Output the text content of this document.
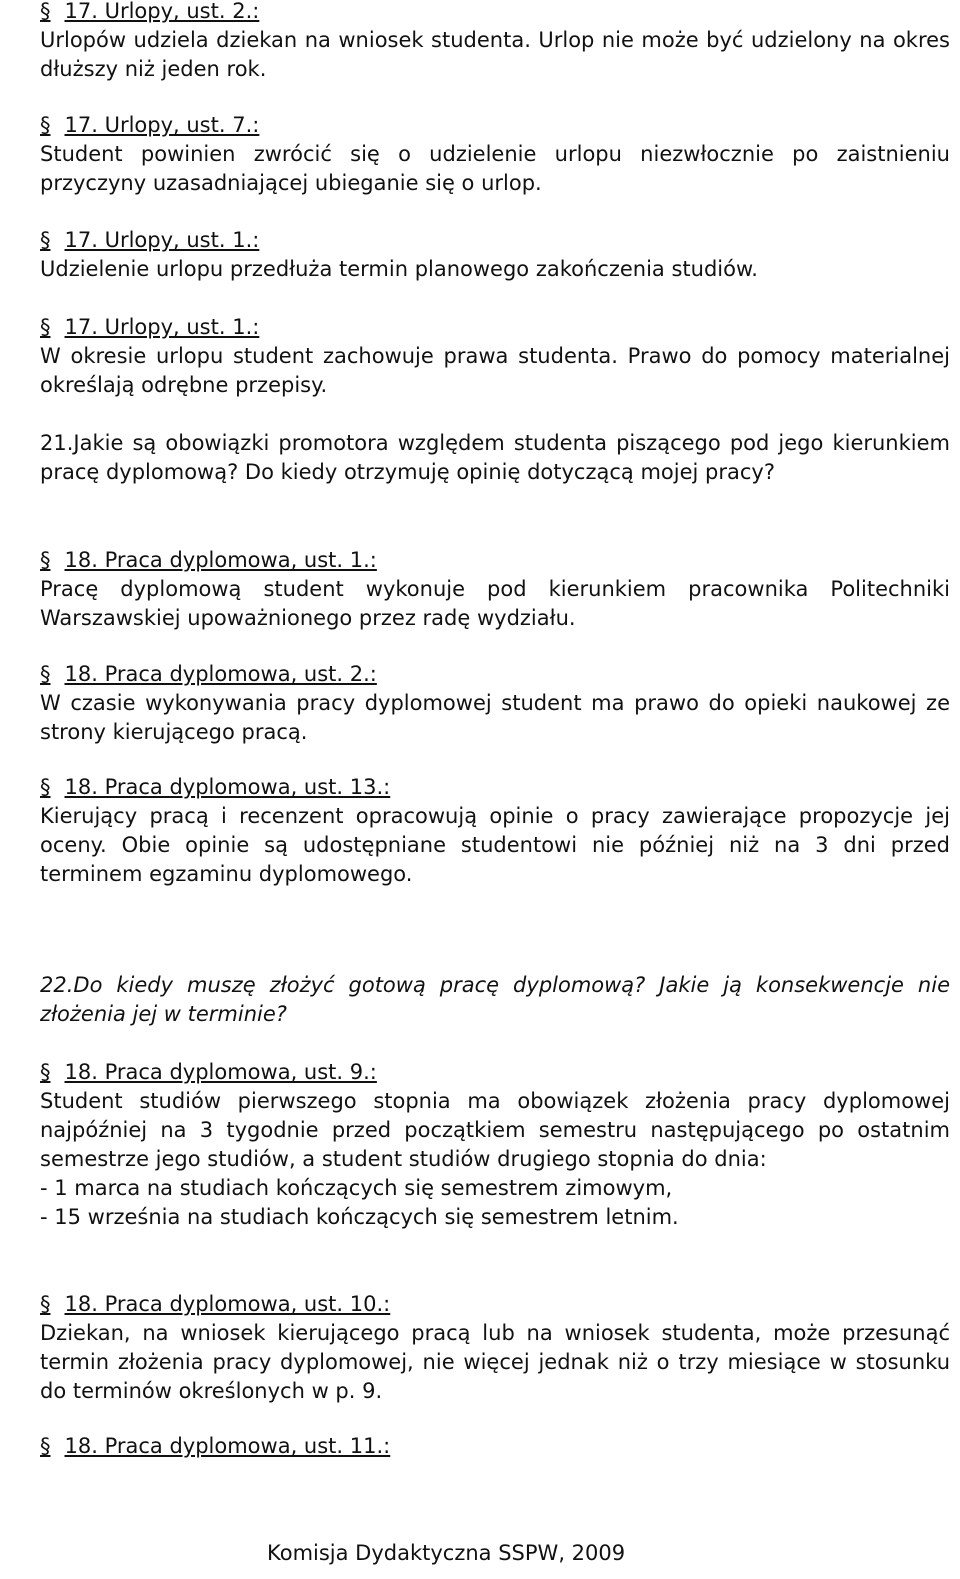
§ 17. Urlopy, ust. 2.:
Urlopów udziela dziekan na wniosek studenta. Urlop nie może być udzielony na okres dłuższy niż jeden rok.
§ 17. Urlopy, ust. 7.:
Student powinien zwrócić się o udzielenie urlopu niezwłocznie po zaistnieniu przyczyny uzasadniającej ubieganie się o urlop.
§ 17. Urlopy, ust. 1.:
Udzielenie urlopu przedłuża termin planowego zakończenia studiów.
§ 17. Urlopy, ust. 1.:
W okresie urlopu student zachowuje prawa studenta. Prawo do pomocy materialnej określają odrębne przepisy.
21.Jakie są obowiązki promotora względem studenta piszącego pod jego kierunkiem pracę dyplomową? Do kiedy otrzymuję opinię dotyczącą mojej pracy?
§ 18. Praca dyplomowa, ust. 1.:
Pracę dyplomową student wykonuje pod kierunkiem pracownika Politechniki Warszawskiej upoważnionego przez radę wydziału.
§ 18. Praca dyplomowa, ust. 2.:
W czasie wykonywania pracy dyplomowej student ma prawo do opieki naukowej ze strony kierującego pracą.
§ 18. Praca dyplomowa, ust. 13.:
Kierujący pracą i recenzent opracowują opinie o pracy zawierające propozycje jej oceny. Obie opinie są udostępniane studentowi nie później niż na 3 dni przed terminem egzaminu dyplomowego.
22.Do kiedy muszę złożyć gotową pracę dyplomową? Jakie ją konsekwencje nie złożenia jej w terminie?
§ 18. Praca dyplomowa, ust. 9.:
Student studiów pierwszego stopnia ma obowiązek złożenia pracy dyplomowej najpóźniej na 3 tygodnie przed początkiem semestru następującego po ostatnim semestrze jego studiów, a student studiów drugiego stopnia do dnia:
- 1 marca na studiach kończących się semestrem zimowym,
- 15 września na studiach kończących się semestrem letnim.
§ 18. Praca dyplomowa, ust. 10.:
Dziekan, na wniosek kierującego pracą lub na wniosek studenta, może przesunąć termin złożenia pracy dyplomowej, nie więcej jednak niż o trzy miesiące w stosunku do terminów określonych w p. 9.
§ 18. Praca dyplomowa, ust. 11.:
Komisja Dydaktyczna SSPW, 2009
